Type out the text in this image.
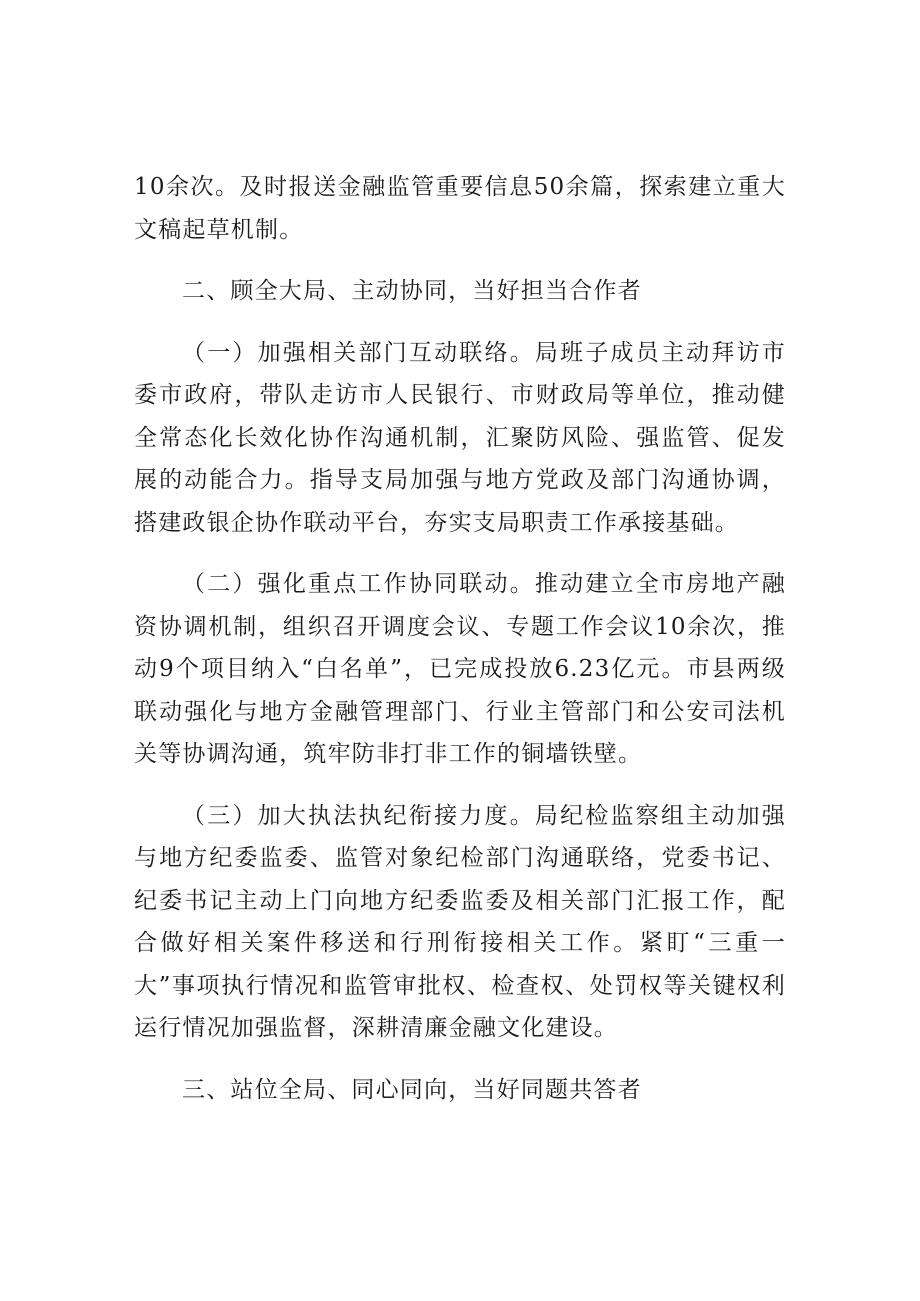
10余次。及时报送金融监管重要信息50余篇，探索建立重大文稿起草机制。

二、顾全大局、主动协同，当好担当合作者

（一）加强相关部门互动联络。局班子成员主动拜访市委市政府，带队走访市人民银行、市财政局等单位，推动健全常态化长效化协作沟通机制，汇聚防风险、强监管、促发展的动能合力。指导支局加强与地方党政及部门沟通协调，搭建政银企协作联动平台，夯实支局职责工作承接基础。

（二）强化重点工作协同联动。推动建立全市房地产融资协调机制，组织召开调度会议、专题工作会议10余次，推动9个项目纳入“白名单”，已完成投放6.23亿元。市县两级联动强化与地方金融管理部门、行业主管部门和公安司法机关等协调沟通，筑牢防非打非工作的铜墙铁壁。

（三）加大执法执纪衔接力度。局纪检监察组主动加强与地方纪委监委、监管对象纪检部门沟通联络，党委书记、纪委书记主动上门向地方纪委监委及相关部门汇报工作，配合做好相关案件移送和行刑衔接相关工作。紧盯“三重一大”事项执行情况和监管审批权、检查权、处罚权等关键权利运行情况加强监督，深耕清廉金融文化建设。

三、站位全局、同心同向，当好同题共答者
